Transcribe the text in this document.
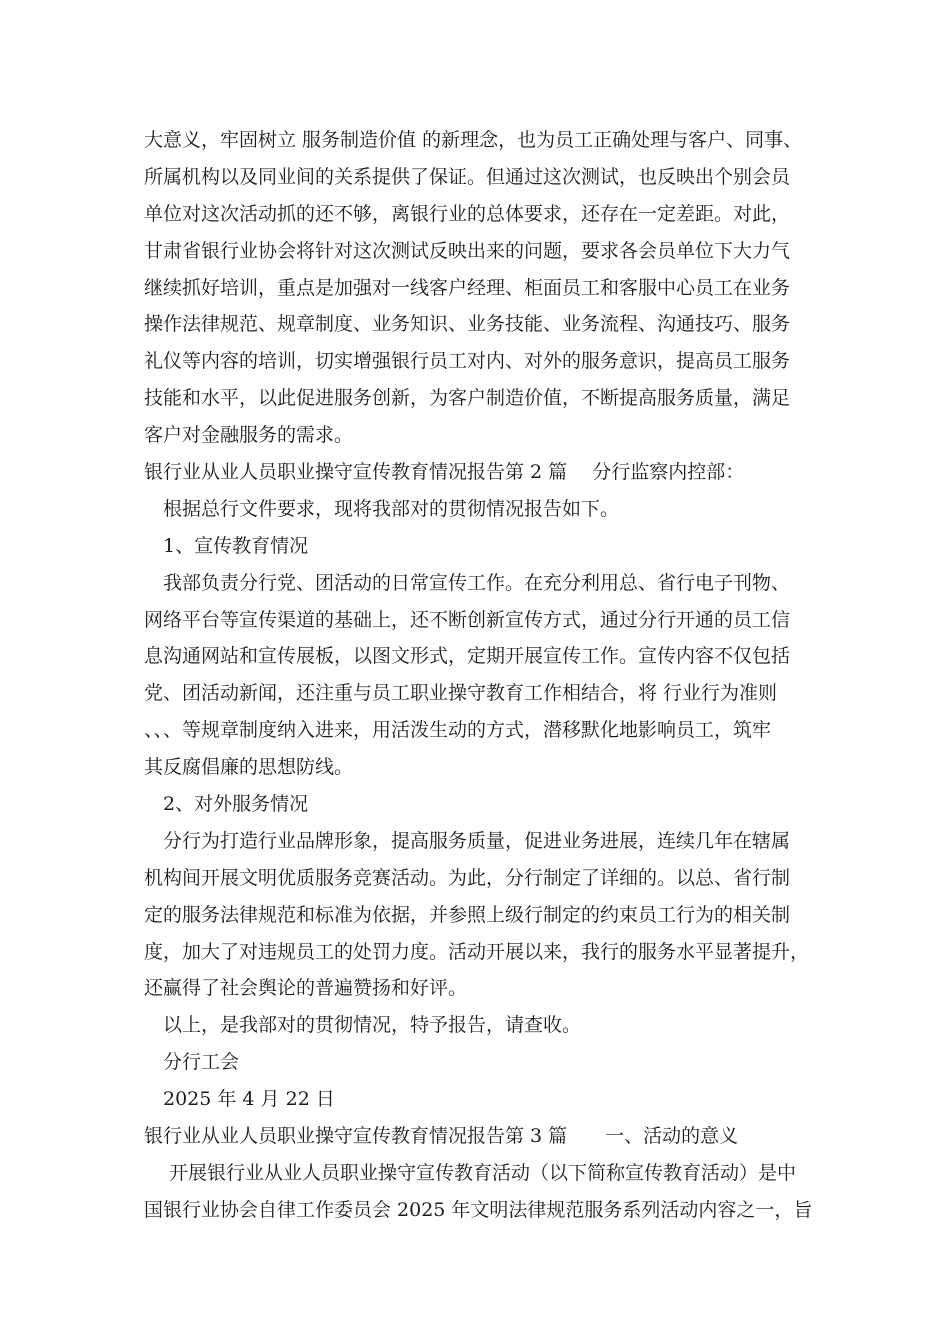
大意义，牢固树立 服务制造价值 的新理念，也为员工正确处理与客户、同事、
所属机构以及同业间的关系提供了保证。但通过这次测试，也反映出个别会员
单位对这次活动抓的还不够，离银行业的总体要求，还存在一定差距。对此，
甘肃省银行业协会将针对这次测试反映出来的问题，要求各会员单位下大力气
继续抓好培训，重点是加强对一线客户经理、柜面员工和客服中心员工在业务
操作法律规范、规章制度、业务知识、业务技能、业务流程、沟通技巧、服务
礼仪等内容的培训，切实增强银行员工对内、对外的服务意识，提高员工服务
技能和水平，以此促进服务创新，为客户制造价值，不断提高服务质量，满足
客户对金融服务的需求。
银行业从业人员职业操守宣传教育情况报告第 2 篇　 分行监察内控部：
　根据总行文件要求，现将我部对的贯彻情况报告如下。
　1、宣传教育情况
　我部负责分行党、团活动的日常宣传工作。在充分利用总、省行电子刊物、
网络平台等宣传渠道的基础上，还不断创新宣传方式，通过分行开通的员工信
息沟通网站和宣传展板，以图文形式，定期开展宣传工作。宣传内容不仅包括
党、团活动新闻，还注重与员工职业操守教育工作相结合，将 行业行为准则
、、、等规章制度纳入进来，用活泼生动的方式，潜移默化地影响员工，筑牢
其反腐倡廉的思想防线。
　2、对外服务情况
　分行为打造行业品牌形象，提高服务质量，促进业务进展，连续几年在辖属
机构间开展文明优质服务竞赛活动。为此，分行制定了详细的。以总、省行制
定的服务法律规范和标准为依据，并参照上级行制定的约束员工行为的相关制
度，加大了对违规员工的处罚力度。活动开展以来，我行的服务水平显著提升，
还赢得了社会舆论的普遍赞扬和好评。
　以上，是我部对的贯彻情况，特予报告，请查收。
　分行工会
　2025 年 4 月 22 日
银行业从业人员职业操守宣传教育情况报告第 3 篇　　一、活动的意义
　 开展银行业从业人员职业操守宣传教育活动（以下简称宣传教育活动）是中
国银行业协会自律工作委员会 2025 年文明法律规范服务系列活动内容之一，旨
